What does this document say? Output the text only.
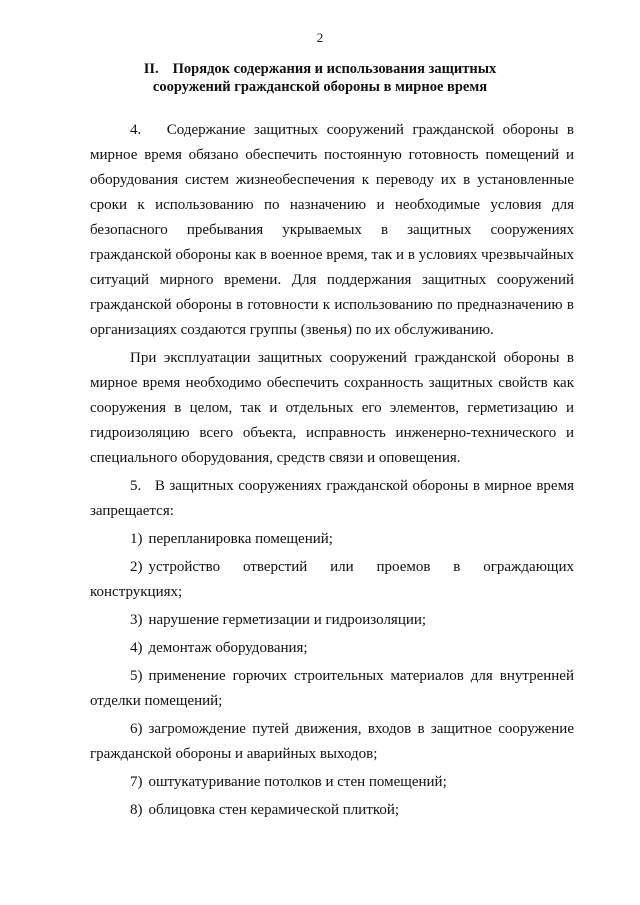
2
II. Порядок содержания и использования защитных
сооружений гражданской обороны в мирное время

4.   Содержание защитных сооружений гражданской обороны в мирное время обязано обеспечить постоянную готовность помещений и оборудования систем жизнеобеспечения к переводу их в установленные сроки к использованию по назначению и необходимые условия для безопасного пребывания укрываемых в защитных сооружениях гражданской обороны как в военное время, так и в условиях чрезвычайных ситуаций мирного времени. Для поддержания защитных сооружений гражданской обороны в готовности к использованию по предназначению в организациях создаются группы (звенья) по их обслуживанию.

При эксплуатации защитных сооружений гражданской обороны в мирное время необходимо обеспечить сохранность защитных свойств как сооружения в целом, так и отдельных его элементов, герметизацию и гидроизоляцию всего объекта, исправность инженерно-технического и специального оборудования, средств связи и оповещения.

5.   В защитных сооружениях гражданской обороны в мирное время запрещается:

1) перепланировка помещений;

2) устройство отверстий или проемов в ограждающих конструкциях;

3) нарушение герметизации и гидроизоляции;

4) демонтаж оборудования;

5) применение горючих строительных материалов для внутренней отделки помещений;

6) загромождение путей движения, входов в защитное сооружение гражданской обороны и аварийных выходов;

7) оштукатуривание потолков и стен помещений;

8) облицовка стен керамической плиткой;
